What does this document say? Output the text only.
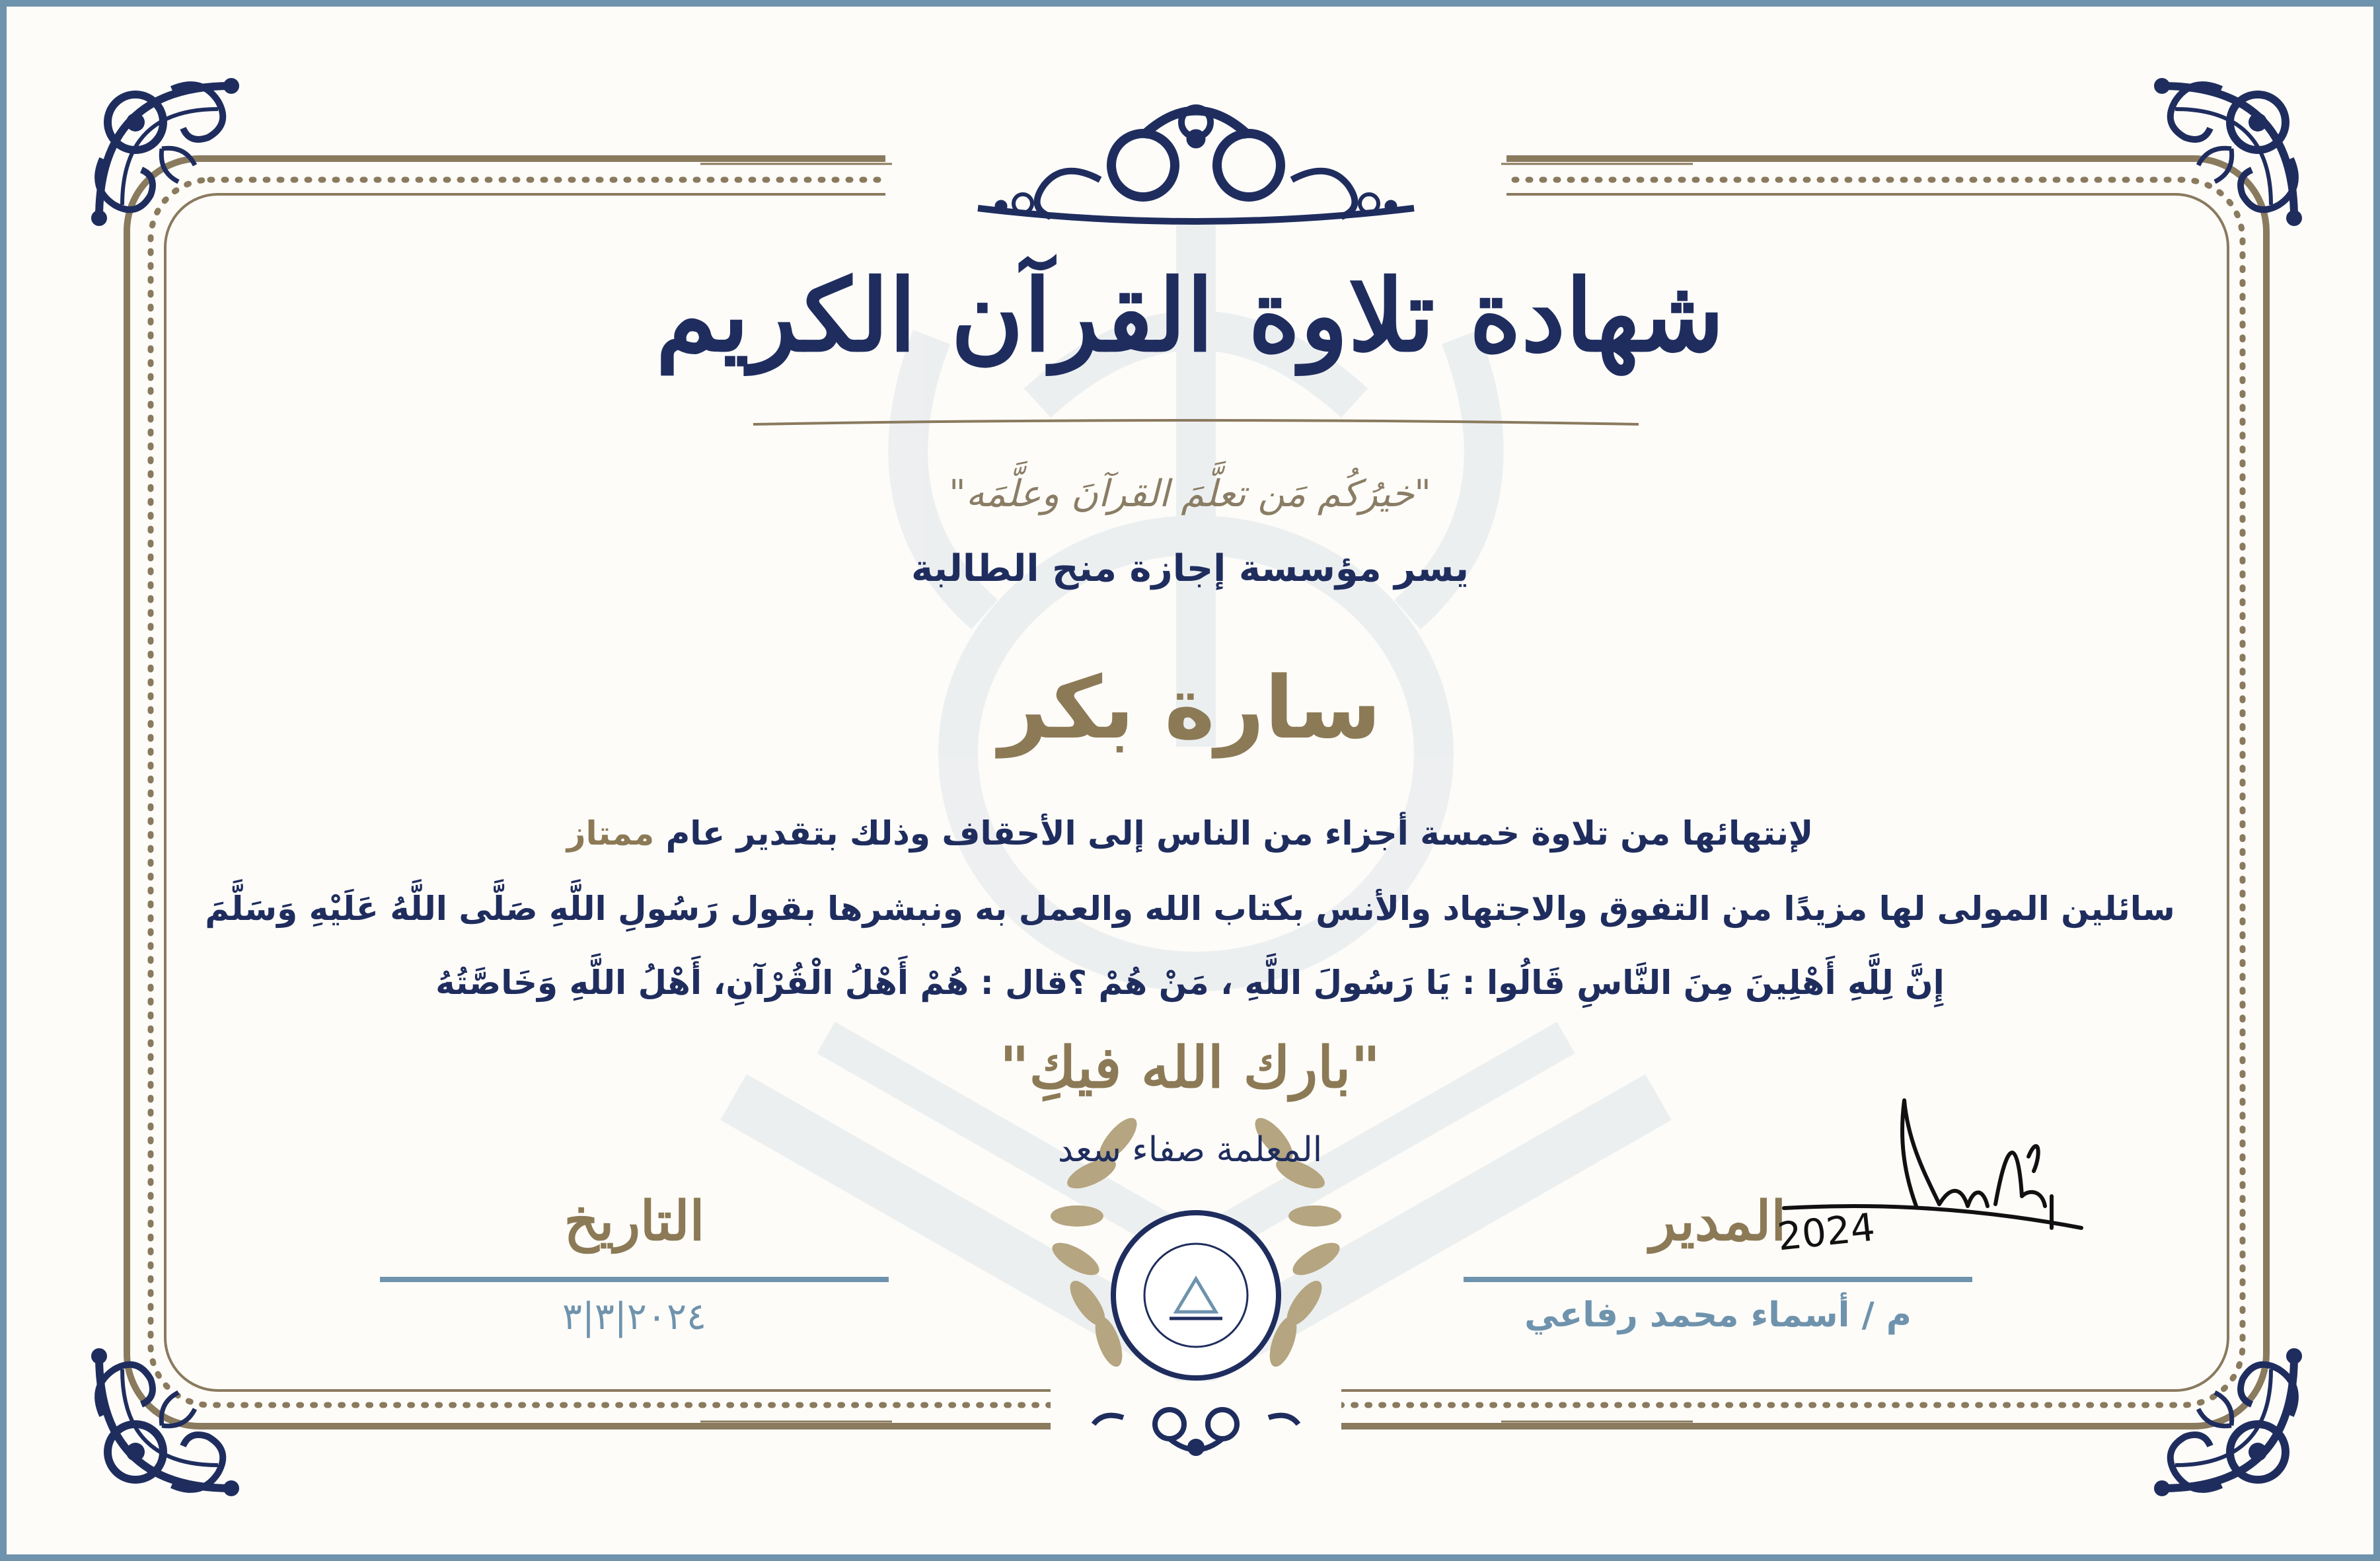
شهادة تلاوة القرآن الكريم
"خيرُكُم مَن تعلَّمَ القرآنَ وعلَّمَه"
يسر مؤسسة إجازة منح الطالبة
سارة بكر
لإنتهائها من تلاوة خمسة أجزاء من الناس إلى الأحقاف وذلك بتقدير عام ممتاز
سائلين المولى لها مزيدًا من التفوق والاجتهاد والأنس بكتاب الله والعمل به ونبشرها بقول رَسُولِ اللَّهِ صَلَّى اللَّهُ عَلَيْهِ وَسَلَّمَ
إِنَّ لِلَّهِ أَهْلِينَ مِنَ النَّاسِ قَالُوا : يَا رَسُولَ اللَّهِ ، مَنْ هُمْ ؟قال : هُمْ أَهْلُ الْقُرْآنِ، أَهْلُ اللَّهِ وَخَاصَّتُهُ
"بارك الله فيكِ"
المعلمة صفاء سعد
التاريخ
٢٠٢٤|٣|٣
المدير
م / أسماء محمد رفاعي
2024
